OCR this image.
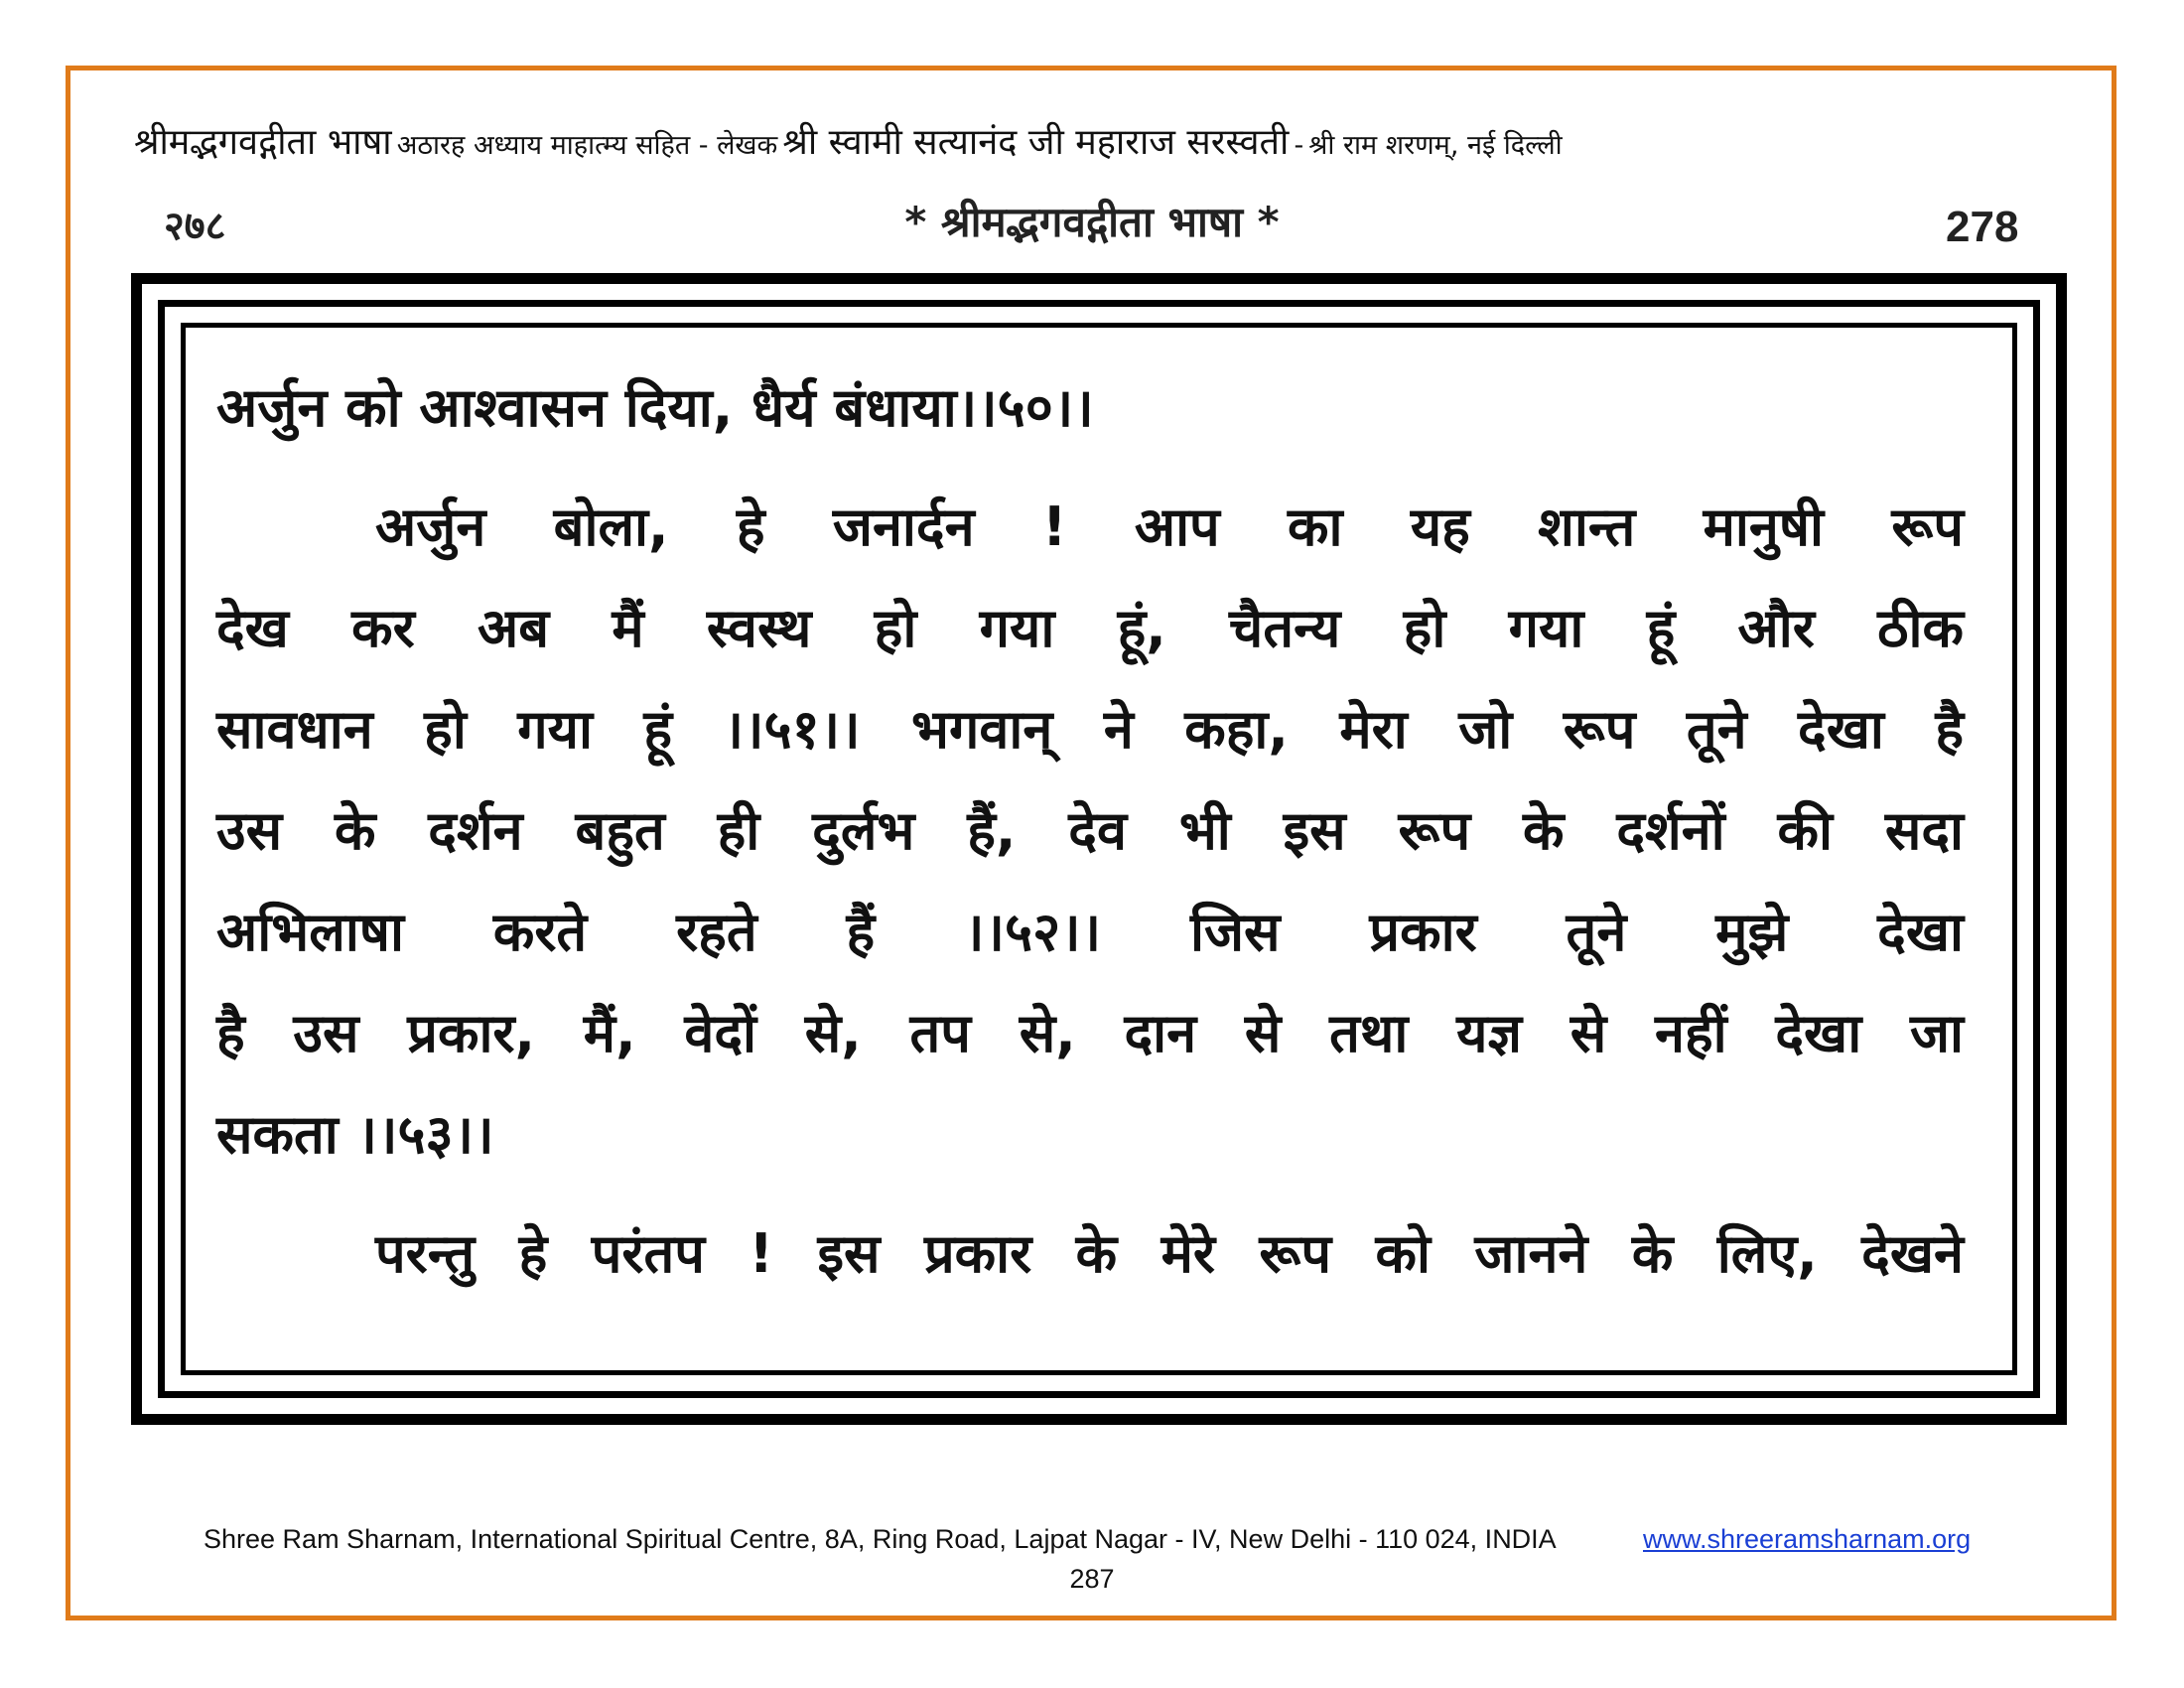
श्रीमद्भगवद्गीता भाषा अठारह अध्याय माहात्म्य सहित - लेखक श्री स्वामी सत्यानंद जी महाराज सरस्वती - श्री राम शरणम्, नई दिल्ली
२७८	* श्रीमद्भगवद्गीता भाषा *	278
अर्जुन को आश्वासन दिया, धैर्य बंधाया।।५०।।
अर्जुन बोला, हे जनार्दन ! आप का यह शान्त मानुषी रूप
देख कर अब मैं स्वस्थ हो गया हूं, चैतन्य हो गया हूं और ठीक
सावधान हो गया हूं ।।५१।। भगवान् ने कहा, मेरा जो रूप तूने देखा है
उस के दर्शन बहुत ही दुर्लभ हैं, देव भी इस रूप के दर्शनों की सदा
अभिलाषा करते रहते हैं ।।५२।। जिस प्रकार तूने मुझे देखा
है उस प्रकार, मैं, वेदों से, तप से, दान से तथा यज्ञ से नहीं देखा जा
सकता ।।५३।।
परन्तु हे परंतप ! इस प्रकार के मेरे रूप को जानने के लिए, देखने
Shree Ram Sharnam, International Spiritual Centre, 8A, Ring Road, Lajpat Nagar - IV, New Delhi - 110 024, INDIA	www.shreeramsharnam.org
287
